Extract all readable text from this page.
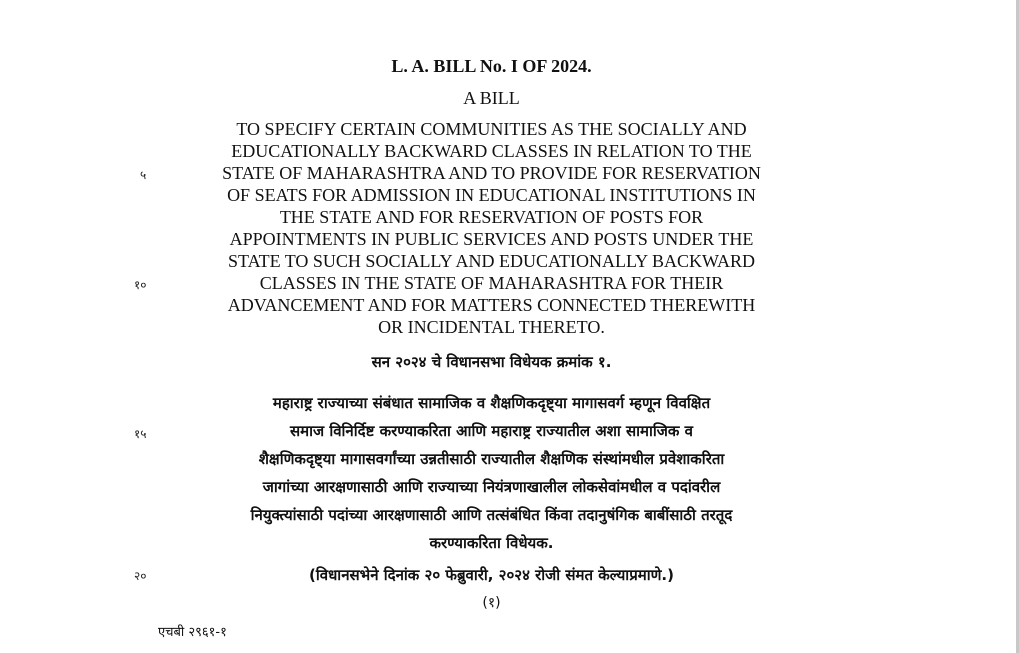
L. A. BILL No. I OF 2024.
A BILL
TO SPECIFY CERTAIN COMMUNITIES AS THE SOCIALLY AND
EDUCATIONALLY BACKWARD CLASSES IN RELATION TO THE
STATE OF MAHARASHTRA AND TO PROVIDE FOR RESERVATION
OF SEATS FOR ADMISSION IN EDUCATIONAL INSTITUTIONS IN
THE STATE AND FOR RESERVATION OF POSTS FOR
APPOINTMENTS IN PUBLIC SERVICES AND POSTS UNDER THE
STATE TO SUCH SOCIALLY AND EDUCATIONALLY BACKWARD
CLASSES IN THE STATE OF MAHARASHTRA FOR THEIR
ADVANCEMENT AND FOR MATTERS CONNECTED THEREWITH
OR INCIDENTAL THERETO.
सन २०२४ चे विधानसभा विधेयक क्रमांक १.
महाराष्ट्र राज्याच्या संबंधात सामाजिक व शैक्षणिकदृष्ट्या मागासवर्ग म्हणून विवक्षित
समाज विनिर्दिष्ट करण्याकरिता आणि महाराष्ट्र राज्यातील अशा सामाजिक व
शैक्षणिकदृष्ट्या मागासवर्गांच्या उन्नतीसाठी राज्यातील शैक्षणिक संस्थांमधील प्रवेशाकरिता
जागांच्या आरक्षणासाठी आणि राज्याच्या नियंत्रणाखालील लोकसेवांमधील व पदांवरील
नियुक्त्यांसाठी पदांच्या आरक्षणासाठी आणि तत्संबंधित किंवा तदानुषंगिक बाबींसाठी तरतूद
करण्याकरिता विधेयक.
(विधानसभेने दिनांक २० फेब्रुवारी, २०२४ रोजी संमत केल्याप्रमाणे.)
(१)
५
१०
१५
२०
एचबी २९६१-१
